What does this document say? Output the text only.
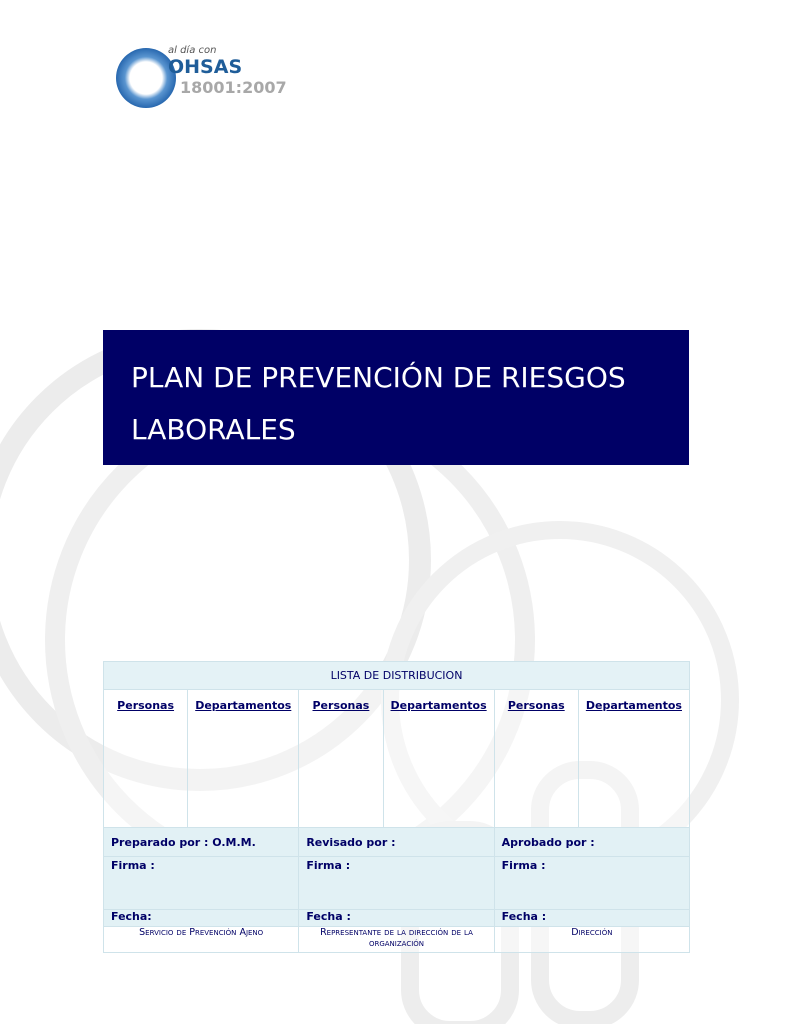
al día con
OHSAS
18001:2007
PLAN DE PREVENCIÓN DE RIESGOS LABORALES
LISTA DE DISTRIBUCION					
Personas	Departamentos	Personas	Departamentos	Personas	Departamentos
Preparado por : O.M.M.		Revisado por :		Aprobado por :	
Firma :		Firma :		Firma :	
Fecha:		Fecha :		Fecha :	
Servicio de Prevención Ajeno		Representante de la dirección de la organización		Dirección	
